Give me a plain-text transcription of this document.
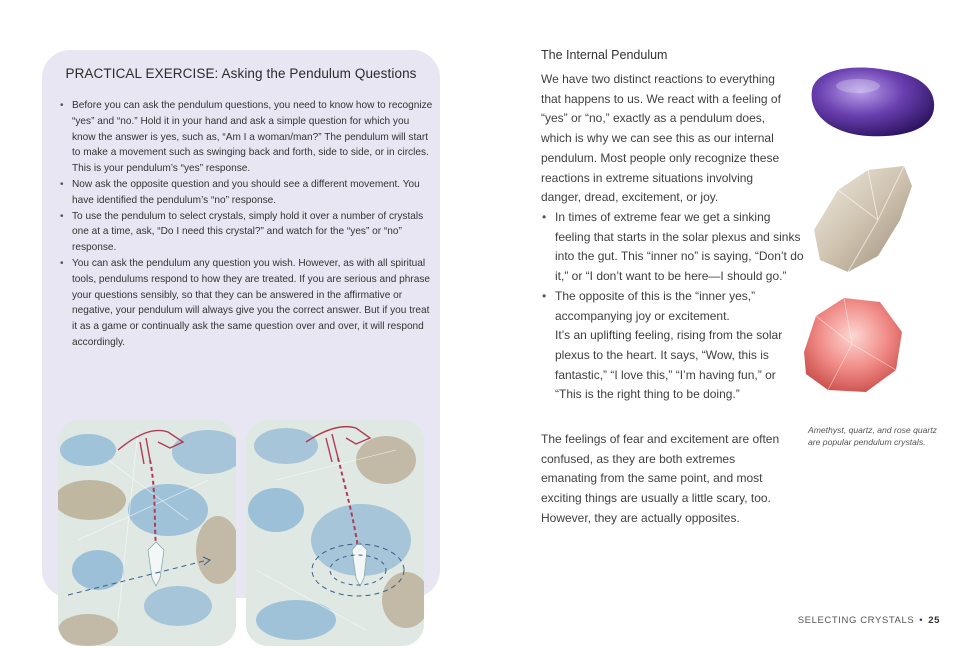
PRACTICAL EXERCISE: Asking the Pendulum Questions
• Before you can ask the pendulum questions, you need to know how to recognize “yes” and “no.” Hold it in your hand and ask a simple question for which you know the answer is yes, such as, “Am I a woman/man?” The pendulum will start to make a movement such as swinging back and forth, side to side, or in circles. This is your pendulum’s “yes” response.
• Now ask the opposite question and you should see a different movement. You have identified the pendulum’s “no” response.
• To use the pendulum to select crystals, simply hold it over a number of crystals one at a time, ask, “Do I need this crystal?” and watch for the “yes” or “no” response.
• You can ask the pendulum any question you wish. However, as with all spiritual tools, pendulums respond to how they are treated. If you are serious and phrase your questions sensibly, so that they can be answered in the affirmative or negative, your pendulum will always give you the correct answer. But if you treat it as a game or continually ask the same question over and over, it will respond accordingly.
The Internal Pendulum

We have two distinct reactions to everything that happens to us. We react with a feeling of “yes” or “no,” exactly as a pendulum does, which is why we can see this as our internal pendulum. Most people only recognize these reactions in extreme situations involving danger, dread, excitement, or joy.

• In times of extreme fear we get a sinking feeling that starts in the solar plexus and sinks into the gut. This “inner no” is saying, “Don’t do it,” or “I don’t want to be here—I should go.”
• The opposite of this is the “inner yes,” accompanying joy or excitement.
It’s an uplifting feeling, rising from the solar plexus to the heart. It says, “Wow, this is fantastic,” “I love this,” “I’m having fun,” or “This is the right thing to be doing.”

The feelings of fear and excitement are often confused, as they are both extremes emanating from the same point, and most exciting things are usually a little scary, too. However, they are actually opposites.

Amethyst, quartz, and rose quartz are popular pendulum crystals.
SELECTING CRYSTALS • 25
